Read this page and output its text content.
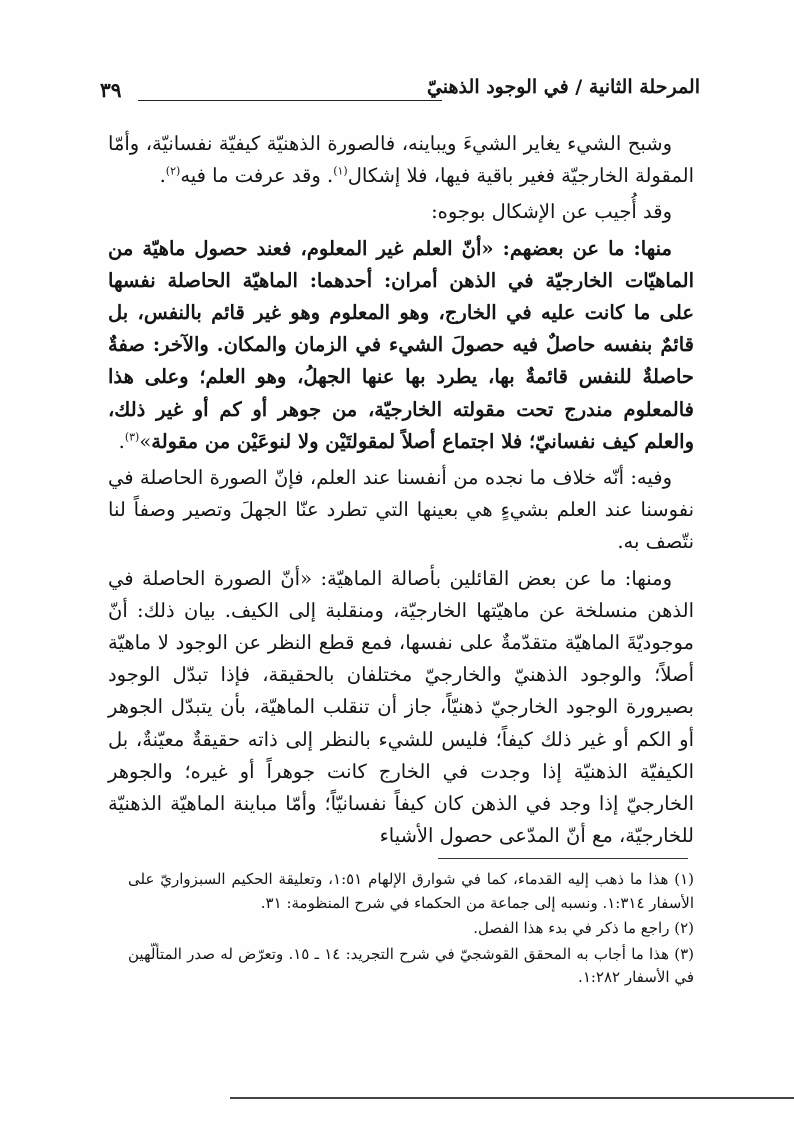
المرحلة الثانية / في الوجود الذهنيّ
٣٩

وشبح الشيء يغاير الشيءَ ويباينه، فالصورة الذهنيّة كيفيّة نفسانيّة، وأمّا المقولة الخارجيّة فغير باقية فيها، فلا إشكال$^{(١)}$. وقد عرفت ما فيه$^{(٢)}$.

وقد أُجيب عن الإشكال بوجوه:

منها: ما عن بعضهم: «أنّ العلم غير المعلوم، فعند حصول ماهيّة من الماهيّات الخارجيّة في الذهن أمران: أحدهما: الماهيّة الحاصلة نفسها على ما كانت عليه في الخارج، وهو المعلوم وهو غير قائم بالنفس، بل قائمٌ بنفسه حاصلٌ فيه حصولَ الشيء في الزمان والمكان. والآخر: صفةٌ حاصلةٌ للنفس قائمةٌ بها، يطرد بها عنها الجهلُ، وهو العلم؛ وعلى هذا فالمعلوم مندرج تحت مقولته الخارجيّة، من جوهر أو كم أو غير ذلك، والعلم كيف نفسانيّ؛ فلا اجتماع أصلاً لمقولتَيْن ولا لنوعَيْن من مقولة»$^{(٣)}$.

وفيه: أنّه خلاف ما نجده من أنفسنا عند العلم، فإنّ الصورة الحاصلة في نفوسنا عند العلم بشيءٍ هي بعينها التي تطرد عنّا الجهلَ وتصير وصفاً لنا نتّصف به.

ومنها: ما عن بعض القائلين بأصالة الماهيّة: «أنّ الصورة الحاصلة في الذهن منسلخة عن ماهيّتها الخارجيّة، ومنقلبة إلى الكيف. بيان ذلك: أنّ موجوديّةَ الماهيّة متقدّمةٌ على نفسها، فمع قطع النظر عن الوجود لا ماهيّة أصلاً؛ والوجود الذهنيّ والخارجيّ مختلفان بالحقيقة، فإذا تبدّل الوجود بصيرورة الوجود الخارجيّ ذهنيّاً، جاز أن تنقلب الماهيّة، بأن يتبدّل الجوهر أو الكم أو غير ذلك كيفاً؛ فليس للشيء بالنظر إلى ذاته حقيقةٌ معيّنةٌ، بل الكيفيّة الذهنيّة إذا وجدت في الخارج كانت جوهراً أو غيره؛ والجوهر الخارجيّ إذا وجد في الذهن كان كيفاً نفسانيّاً؛ وأمّا مباينة الماهيّة الذهنيّة للخارجيّة، مع أنّ المدّعى حصول الأشياء

(١) هذا ما ذهب إليه القدماء، كما في شوارق الإلهام ١:٥١، وتعليقة الحكيم السبزواريّ على الأسفار ١:٣١٤. ونسبه إلى جماعة من الحكماء في شرح المنظومة: ٣١.

(٢) راجع ما ذكر في بدء هذا الفصل.

(٣) هذا ما أجاب به المحقق القوشجيّ في شرح التجريد: ١٤ ـ ١٥. وتعرّض له صدر المتألّهين في الأسفار ١:٢٨٢.
